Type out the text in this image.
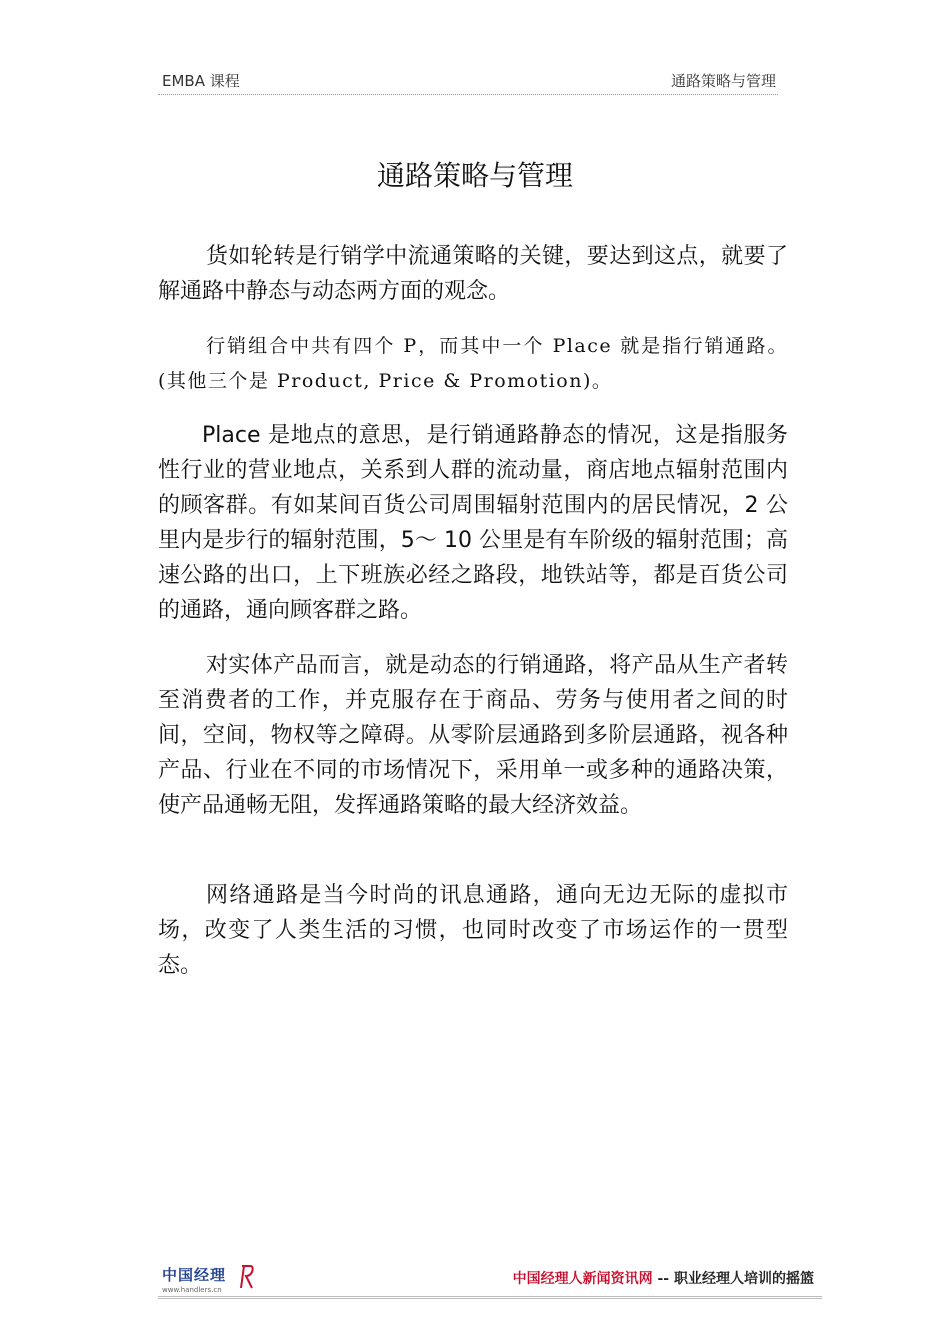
EMBA 课程	通路策略与管理
通路策略与管理
货如轮转是行销学中流通策略的关键，要达到这点，就要了解通路中静态与动态两方面的观念。
行销组合中共有四个 P，而其中一个 Place 就是指行销通路。(其他三个是 Product, Price & Promotion)。
Place 是地点的意思，是行销通路静态的情况，这是指服务性行业的营业地点，关系到人群的流动量，商店地点辐射范围内的顾客群。有如某间百货公司周围辐射范围内的居民情况，2 公里内是步行的辐射范围，5～ 10 公里是有车阶级的辐射范围；高速公路的出口，上下班族必经之路段，地铁站等，都是百货公司的通路，通向顾客群之路。
对实体产品而言，就是动态的行销通路，将产品从生产者转至消费者的工作，并克服存在于商品、劳务与使用者之间的时间，空间，物权等之障碍。从零阶层通路到多阶层通路，视各种产品、行业在不同的市场情况下，采用单一或多种的通路决策，使产品通畅无阻，发挥通路策略的最大经济效益。
网络通路是当今时尚的讯息通路，通向无边无际的虚拟市场，改变了人类生活的习惯，也同时改变了市场运作的一贯型态。
中国经理
www.handlers.cn
中国经理人新闻资讯网 -- 职业经理人培训的摇篮
